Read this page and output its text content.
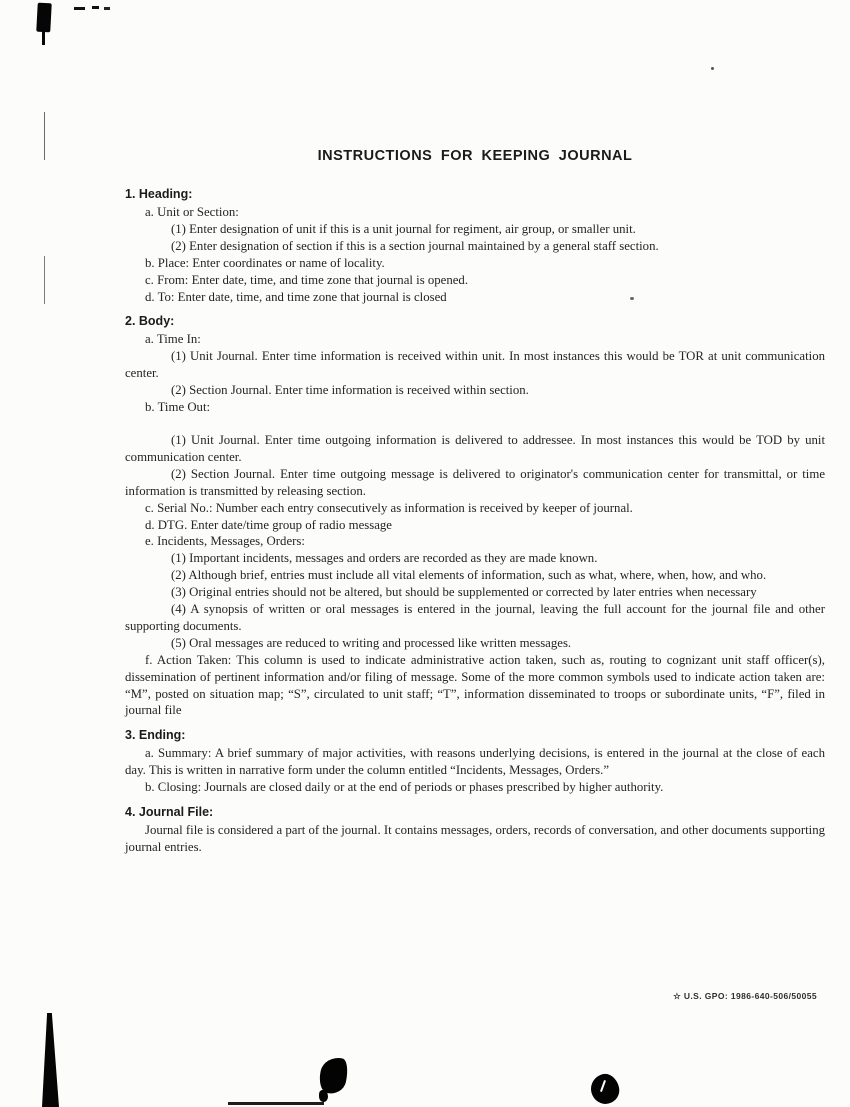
INSTRUCTIONS FOR KEEPING JOURNAL
1. Heading:

a. Unit or Section:

(1) Enter designation of unit if this is a unit journal for regiment, air group, or smaller unit.

(2) Enter designation of section if this is a section journal maintained by a general staff section.

b. Place: Enter coordinates or name of locality.

c. From: Enter date, time, and time zone that journal is opened.

d. To: Enter date, time, and time zone that journal is closed

2. Body:

a. Time In:

(1) Unit Journal. Enter time information is received within unit. In most instances this would be TOR at unit communication center.

(2) Section Journal. Enter time information is received within section.

b. Time Out:

(1) Unit Journal. Enter time outgoing information is delivered to addressee. In most instances this would be TOD by unit communication center.

(2) Section Journal. Enter time outgoing message is delivered to originator's communication center for transmittal, or time information is transmitted by releasing section.

c. Serial No.: Number each entry consecutively as information is received by keeper of journal.

d. DTG. Enter date/time group of radio message

e. Incidents, Messages, Orders:

(1) Important incidents, messages and orders are recorded as they are made known.

(2) Although brief, entries must include all vital elements of information, such as what, where, when, how, and who.

(3) Original entries should not be altered, but should be supplemented or corrected by later entries when necessary

(4) A synopsis of written or oral messages is entered in the journal, leaving the full account for the journal file and other supporting documents.

(5) Oral messages are reduced to writing and processed like written messages.

f. Action Taken: This column is used to indicate administrative action taken, such as, routing to cognizant unit staff officer(s), dissemination of pertinent information and/or filing of message. Some of the more common symbols used to indicate action taken are: “M”, posted on situation map; “S”, circulated to unit staff; “T”, information disseminated to troops or subordinate units, “F”, filed in journal file

3. Ending:

a. Summary: A brief summary of major activities, with reasons underlying decisions, is entered in the journal at the close of each day. This is written in narrative form under the column entitled “Incidents, Messages, Orders.”

b. Closing: Journals are closed daily or at the end of periods or phases prescribed by higher authority.

4. Journal File:

Journal file is considered a part of the journal. It contains messages, orders, records of conversation, and other documents supporting journal entries.

☆ U.S. GPO: 1986-640-506/50055
